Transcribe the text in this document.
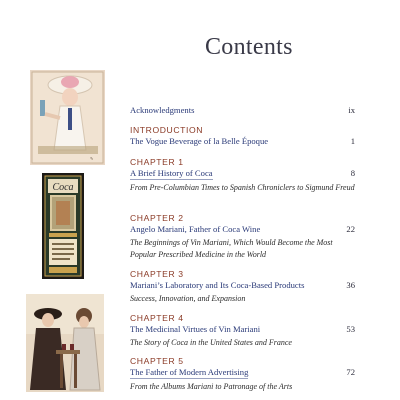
Contents
✎
Coca
Acknowledgments	ix
INTRODUCTION
The Vogue Beverage of la Belle Époque	1
CHAPTER 1
A Brief History of Coca	8
From Pre-Columbian Times to Spanish Chroniclers to Sigmund Freud
CHAPTER 2
Angelo Mariani, Father of Coca Wine	22
The Beginnings of Vin Mariani, Which Would Become the Most Popular Prescribed Medicine in the World
CHAPTER 3
Mariani’s Laboratory and Its Coca-Based Products	36
Success, Innovation, and Expansion
CHAPTER 4
The Medicinal Virtues of Vin Mariani	53
The Story of Coca in the United States and France
CHAPTER 5
The Father of Modern Advertising	72
From the Albums Mariani to Patronage of the Arts
